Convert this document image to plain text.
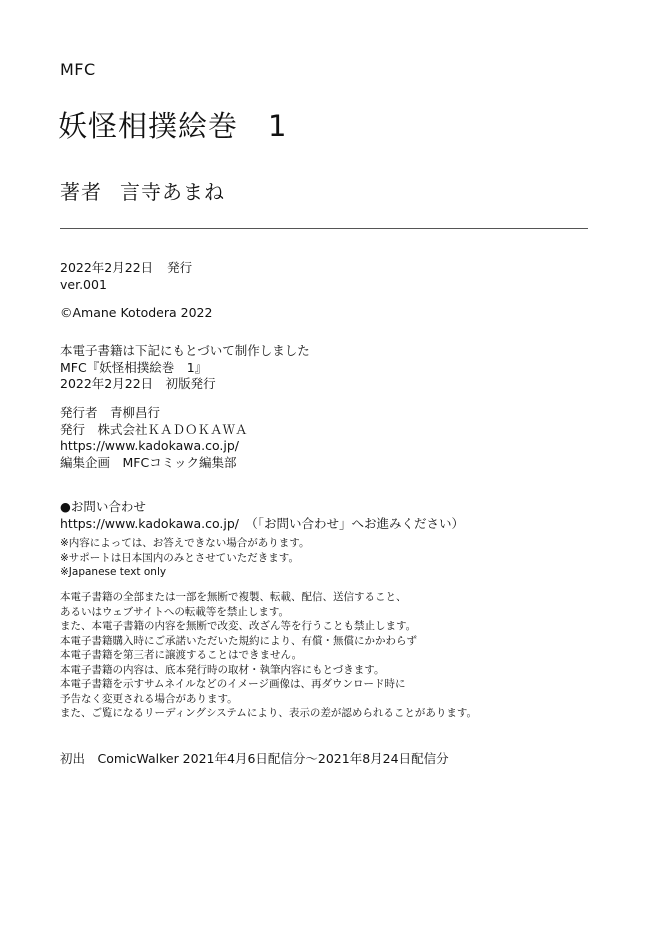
MFC
妖怪相撲絵巻 1
著者 言寺あまね
2022年2月22日 発行
ver.001
©Amane Kotodera 2022
本電子書籍は下記にもとづいて制作しました
MFC『妖怪相撲絵巻　1』
2022年2月22日　初版発行
発行者　青柳昌行
発行　株式会社ＫＡＤＯＫＡＷＡ
https://www.kadokawa.co.jp/
編集企画　MFCコミック編集部
●お問い合わせ
https://www.kadokawa.co.jp/　（「お問い合わせ」へお進みください）
※内容によっては、お答えできない場合があります。
※サポートは日本国内のみとさせていただきます。
※Japanese text only
本電子書籍の全部または一部を無断で複製、転載、配信、送信すること、
あるいはウェブサイトへの転載等を禁止します。
また、本電子書籍の内容を無断で改変、改ざん等を行うことも禁止します。
本電子書籍購入時にご承諾いただいた規約により、有償・無償にかかわらず
本電子書籍を第三者に譲渡することはできません。
本電子書籍の内容は、底本発行時の取材・執筆内容にもとづきます。
本電子書籍を示すサムネイルなどのイメージ画像は、再ダウンロード時に
予告なく変更される場合があります。
また、ご覧になるリーディングシステムにより、表示の差が認められることがあります。
初出　ComicWalker 2021年4月6日配信分～2021年8月24日配信分
